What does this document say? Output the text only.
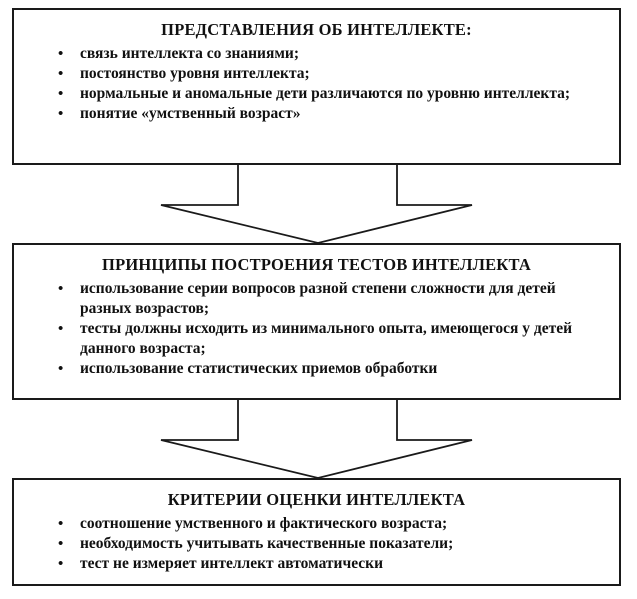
ПРЕДСТАВЛЕНИЯ ОБ ИНТЕЛЛЕКТЕ:
• связь интеллекта со знаниями;
• постоянство уровня интеллекта;
• нормальные и аномальные дети различаются по уровню интеллекта;
• понятие «умственный возраст»
ПРИНЦИПЫ ПОСТРОЕНИЯ ТЕСТОВ ИНТЕЛЛЕКТА
• использование серии вопросов разной степени сложности для детей разных возрастов;
• тесты должны исходить из минимального опыта, имеющегося у детей данного возраста;
• использование статистических приемов обработки
КРИТЕРИИ ОЦЕНКИ ИНТЕЛЛЕКТА
• соотношение умственного и фактического возраста;
• необходимость учитывать качественные показатели;
• тест не измеряет интеллект автоматически
